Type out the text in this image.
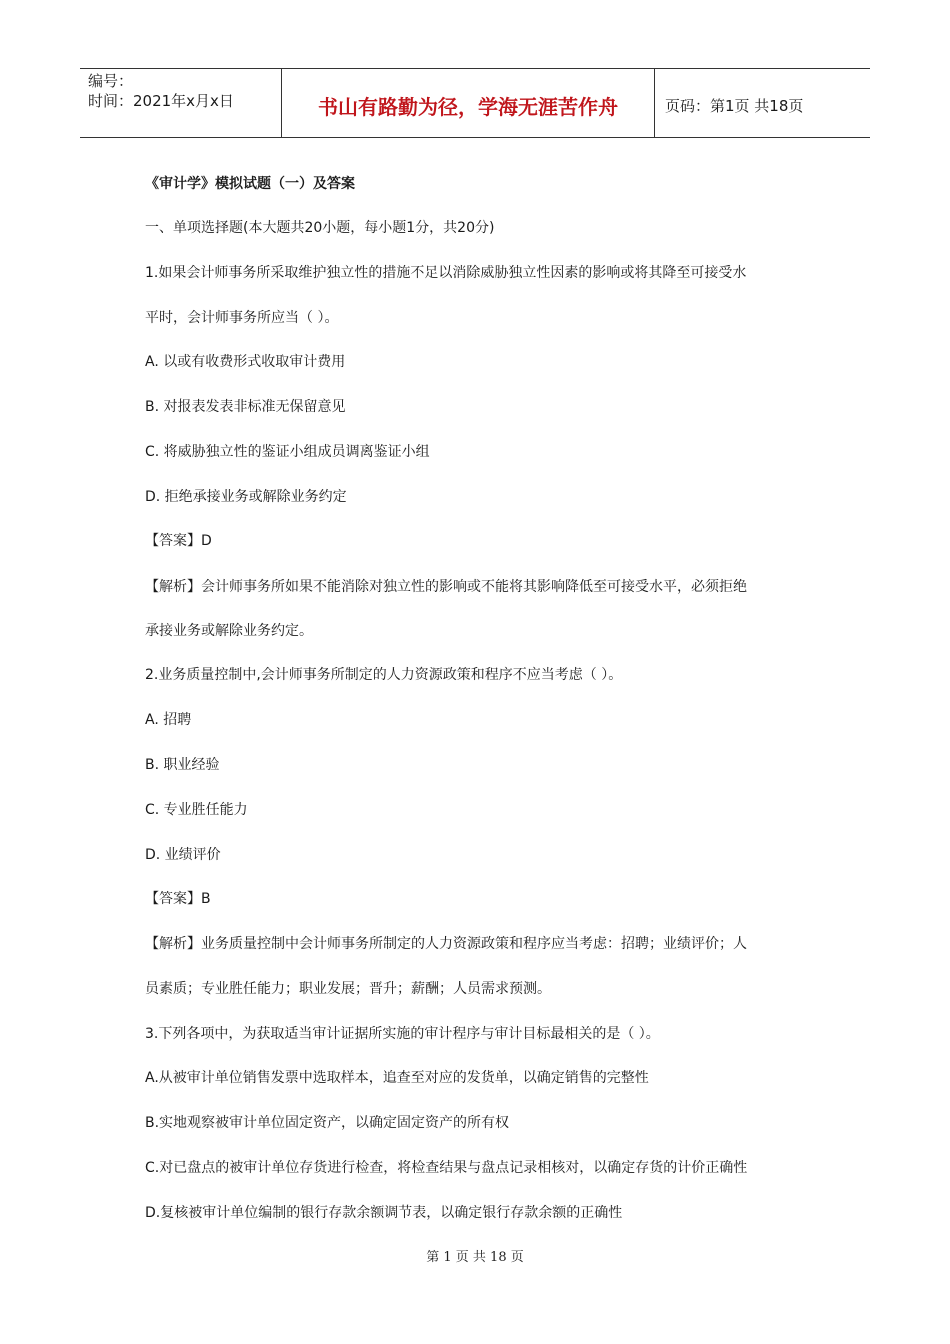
编号：
时间：2021年x月x日	书山有路勤为径，学海无涯苦作舟	页码：第1页 共18页
《审计学》模拟试题（一）及答案
一、单项选择题(本大题共20小题，每小题1分，共20分)
1.如果会计师事务所采取维护独立性的措施不足以消除威胁独立性因素的影响或将其降至可接受水
平时，会计师事务所应当（ ）。
A. 以或有收费形式收取审计费用
B. 对报表发表非标准无保留意见
C. 将威胁独立性的鉴证小组成员调离鉴证小组
D. 拒绝承接业务或解除业务约定
【答案】D
【解析】会计师事务所如果不能消除对独立性的影响或不能将其影响降低至可接受水平，必须拒绝
承接业务或解除业务约定。
2.业务质量控制中,会计师事务所制定的人力资源政策和程序不应当考虑（ ）。
A. 招聘
B. 职业经验
C. 专业胜任能力
D. 业绩评价
【答案】B
【解析】业务质量控制中会计师事务所制定的人力资源政策和程序应当考虑：招聘；业绩评价；人
员素质；专业胜任能力；职业发展；晋升；薪酬；人员需求预测。
3.下列各项中，为获取适当审计证据所实施的审计程序与审计目标最相关的是（ ）。
A.从被审计单位销售发票中选取样本，追查至对应的发货单，以确定销售的完整性
B.实地观察被审计单位固定资产，以确定固定资产的所有权
C.对已盘点的被审计单位存货进行检查，将检查结果与盘点记录相核对，以确定存货的计价正确性
D.复核被审计单位编制的银行存款余额调节表，以确定银行存款余额的正确性
第 1 页 共 18 页
